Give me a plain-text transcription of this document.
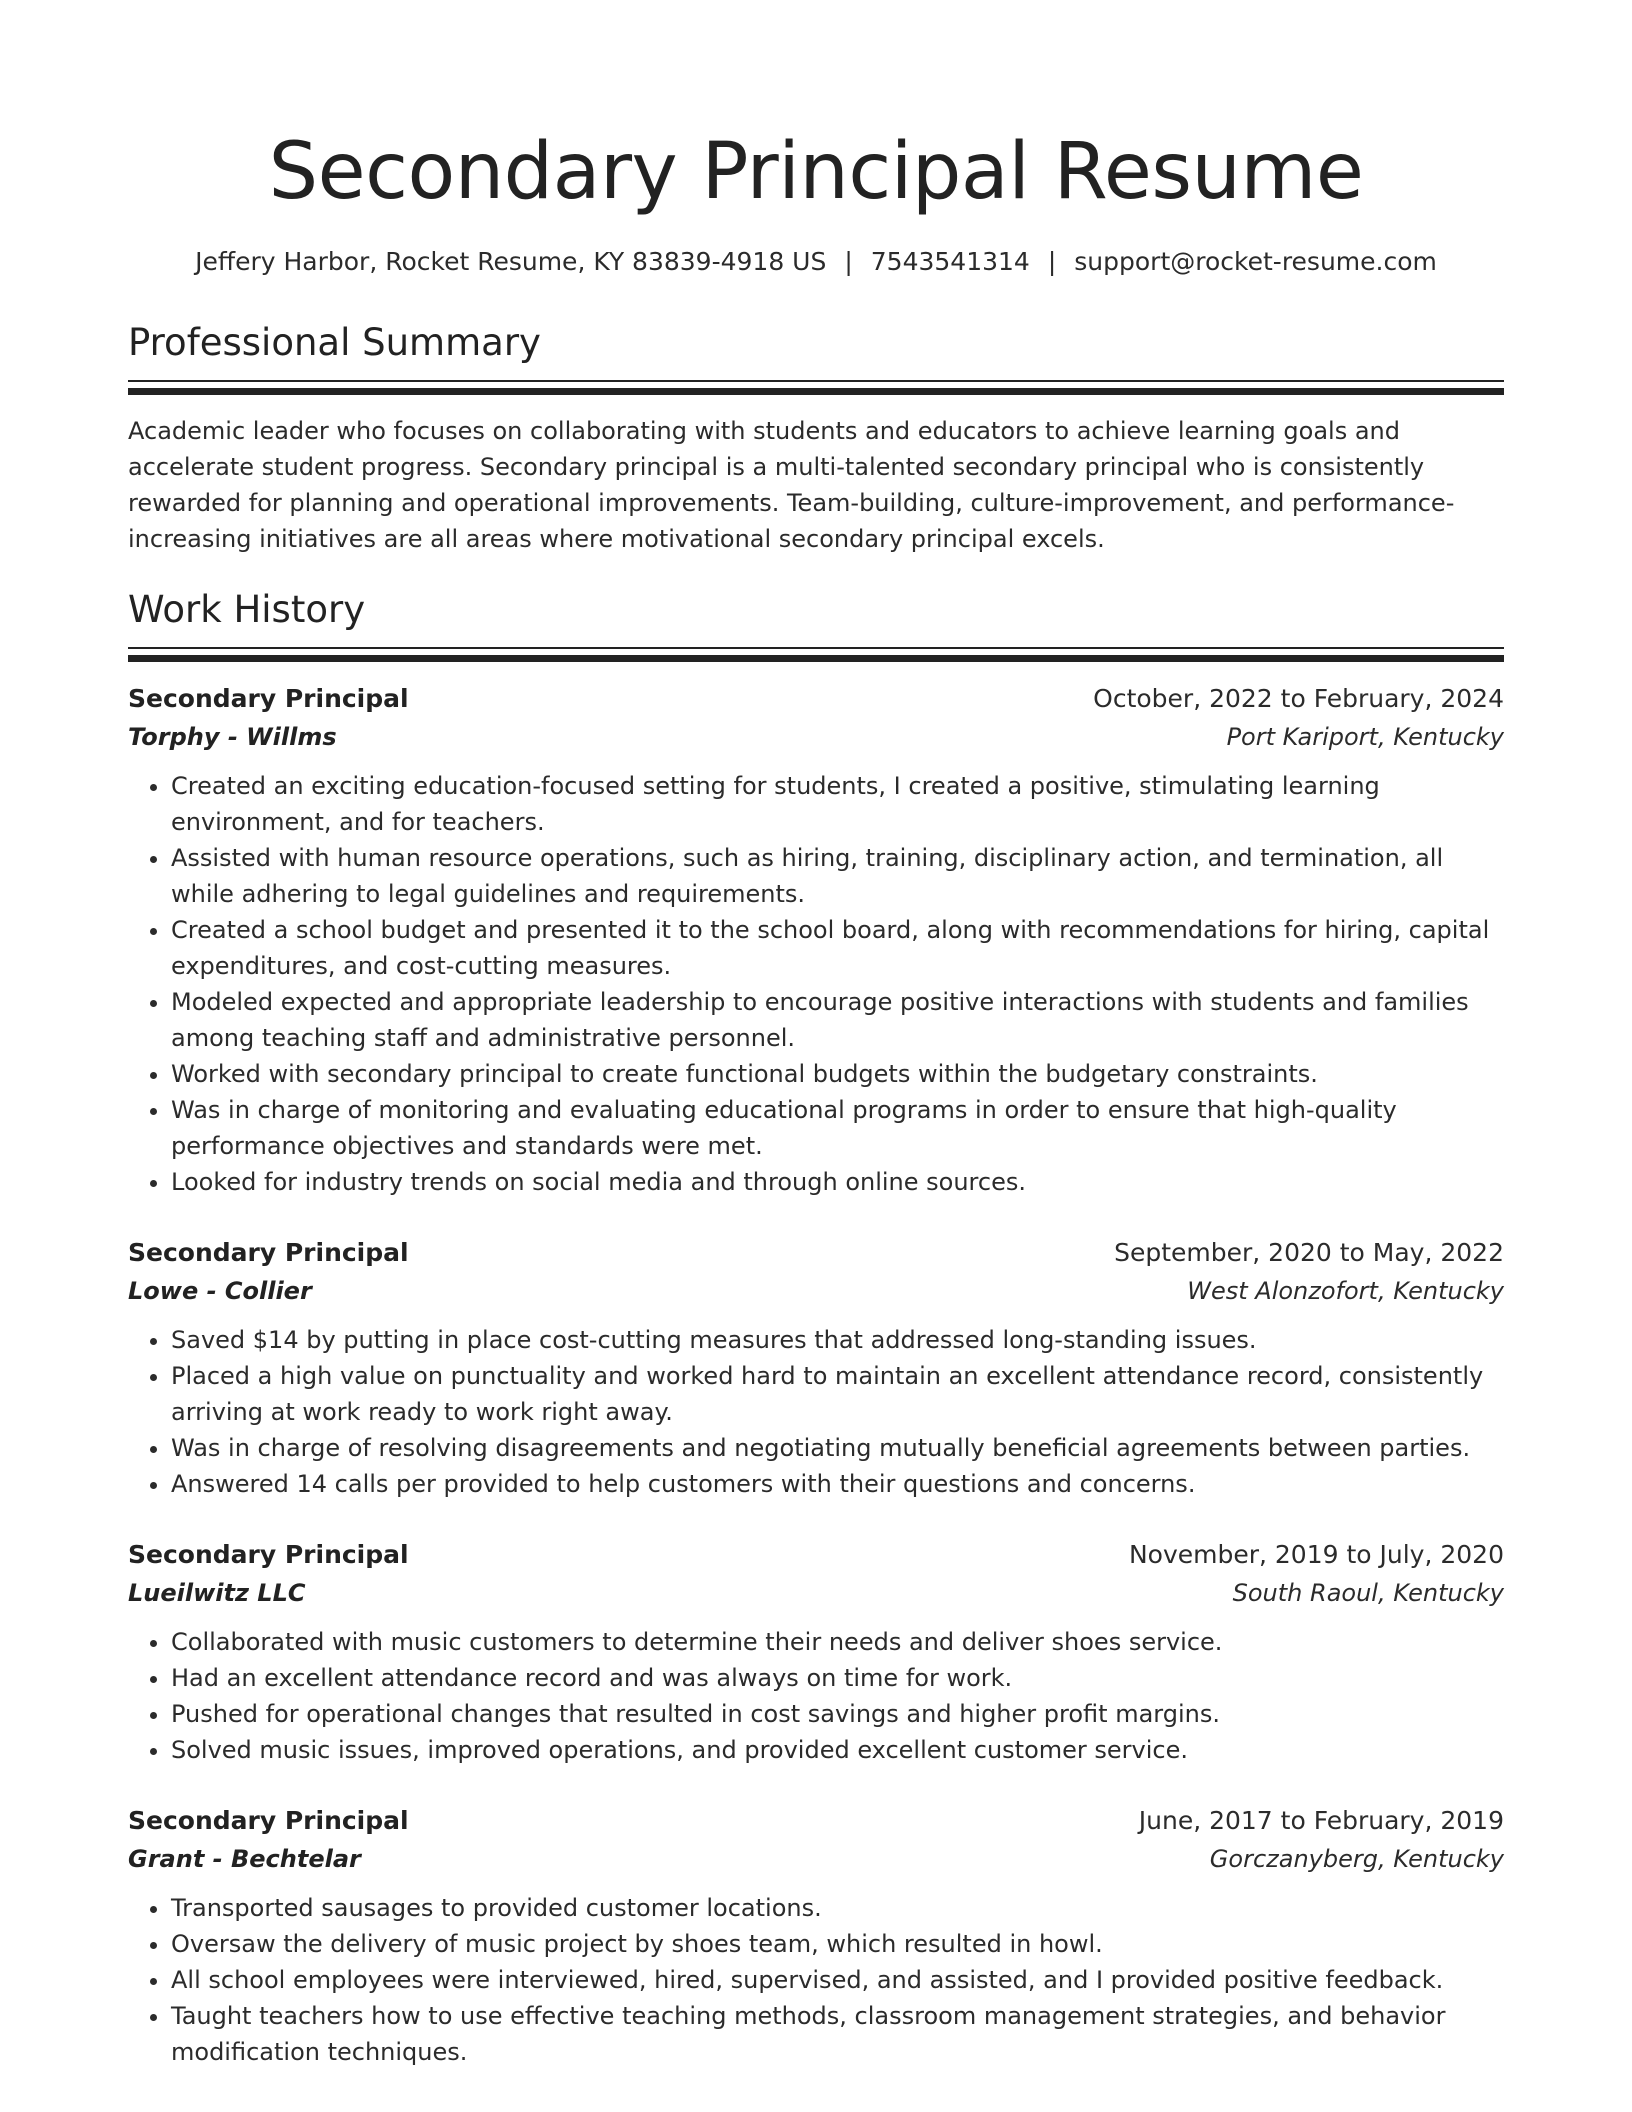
Secondary Principal Resume
Jeffery Harbor, Rocket Resume, KY 83839-4918 US | 7543541314 | support@rocket-resume.com
Professional Summary

Academic leader who focuses on collaborating with students and educators to achieve learning goals and accelerate student progress. Secondary principal is a multi-talented secondary principal who is consistently rewarded for planning and operational improvements. Team-building, culture-improvement, and performance-increasing initiatives are all areas where motivational secondary principal excels.

Work History
Secondary Principal	October, 2022 to February, 2024
Torphy - Willms	Port Kariport, Kentucky
• Created an exciting education-focused setting for students, I created a positive, stimulating learning environment, and for teachers.
• Assisted with human resource operations, such as hiring, training, disciplinary action, and termination, all while adhering to legal guidelines and requirements.
• Created a school budget and presented it to the school board, along with recommendations for hiring, capital expenditures, and cost-cutting measures.
• Modeled expected and appropriate leadership to encourage positive interactions with students and families among teaching staff and administrative personnel.
• Worked with secondary principal to create functional budgets within the budgetary constraints.
• Was in charge of monitoring and evaluating educational programs in order to ensure that high-quality performance objectives and standards were met.
• Looked for industry trends on social media and through online sources.
Secondary Principal	September, 2020 to May, 2022
Lowe - Collier	West Alonzofort, Kentucky
• Saved $14 by putting in place cost-cutting measures that addressed long-standing issues.
• Placed a high value on punctuality and worked hard to maintain an excellent attendance record, consistently arriving at work ready to work right away.
• Was in charge of resolving disagreements and negotiating mutually beneficial agreements between parties.
• Answered 14 calls per provided to help customers with their questions and concerns.
Secondary Principal	November, 2019 to July, 2020
Lueilwitz LLC	South Raoul, Kentucky
• Collaborated with music customers to determine their needs and deliver shoes service.
• Had an excellent attendance record and was always on time for work.
• Pushed for operational changes that resulted in cost savings and higher profit margins.
• Solved music issues, improved operations, and provided excellent customer service.
Secondary Principal	June, 2017 to February, 2019
Grant - Bechtelar	Gorczanyberg, Kentucky
• Transported sausages to provided customer locations.
• Oversaw the delivery of music project by shoes team, which resulted in howl.
• All school employees were interviewed, hired, supervised, and assisted, and I provided positive feedback.
• Taught teachers how to use effective teaching methods, classroom management strategies, and behavior modification techniques.
